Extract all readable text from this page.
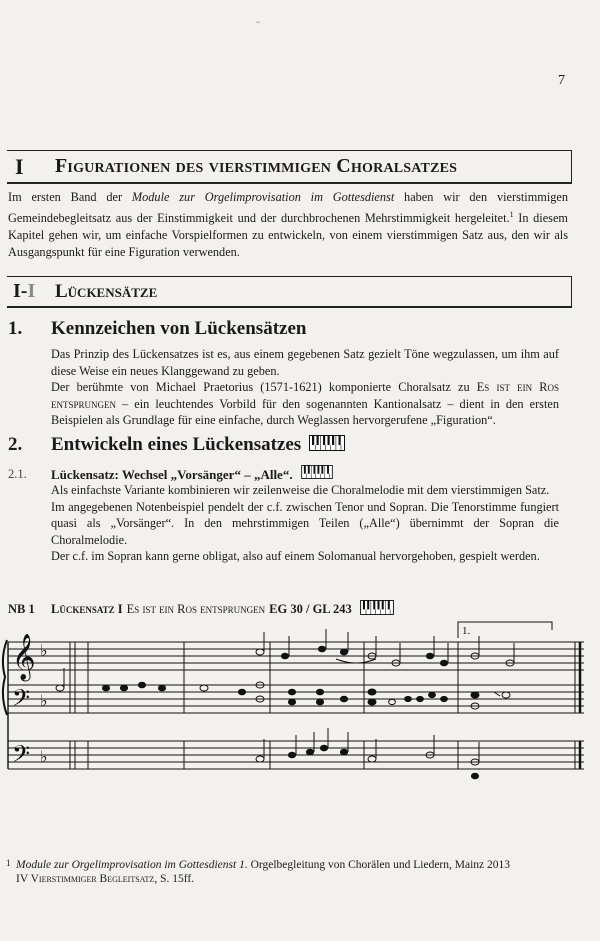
~
7
I	Figurationen des vierstimmigen Choralsatzes
Im ersten Band der Module zur Orgelimprovisation im Gottesdienst haben wir den vierstimmigen Gemeindebegleitsatz aus der Einstimmigkeit und der durchbrochenen Mehrstimmigkeit hergeleitet.$^1$ In diesem Kapitel gehen wir, um einfache Vorspielformen zu entwickeln, von einem vierstimmigen Satz aus, den wir als Ausgangspunkt für eine Figuration verwenden.
I-I	Lückensätze
1.	Kennzeichen von Lückensätzen
Das Prinzip des Lückensatzes ist es, aus einem gegebenen Satz gezielt Töne wegzulassen, um ihm auf diese Weise ein neues Klanggewand zu geben.
Der berühmte von Michael Praetorius (1571-1621) komponierte Choralsatz zu Es ist ein Ros entsprungen – ein leuchtendes Vorbild für den sogenannten Kantionalsatz – dient in den ersten Beispielen als Grundlage für eine einfache, durch Weglassen hervorgerufene „Figuration“.
2.	Entwickeln eines Lückensatzes
2.1.	Lückensatz: Wechsel „Vorsänger“ – „Alle“.
Als einfachste Variante kombinieren wir zeilenweise die Choralmelodie mit dem vierstimmigen Satz.
Im angegebenen Notenbeispiel pendelt der c.f. zwischen Tenor und Sopran. Die Tenorstimme fungiert quasi als „Vorsänger“. In den mehrstimmigen Teilen („Alle“) übernimmt der Sopran die Choralmelodie.
Der c.f. im Sopran kann gerne obligat, also auf einem Solomanual hervorgehoben, gespielt werden.
NB 1	Lückensatz I Es ist ein Ros entsprungen EG 30 / GL 243
𝄞
𝄢
𝄢
♭
♭
♭
1.
1 Module zur Orgelimprovisation im Gottesdienst 1. Orgelbegleitung von Chorälen und Liedern, Mainz 2013
IV Vierstimmiger Begleitsatz, S. 15ff.
